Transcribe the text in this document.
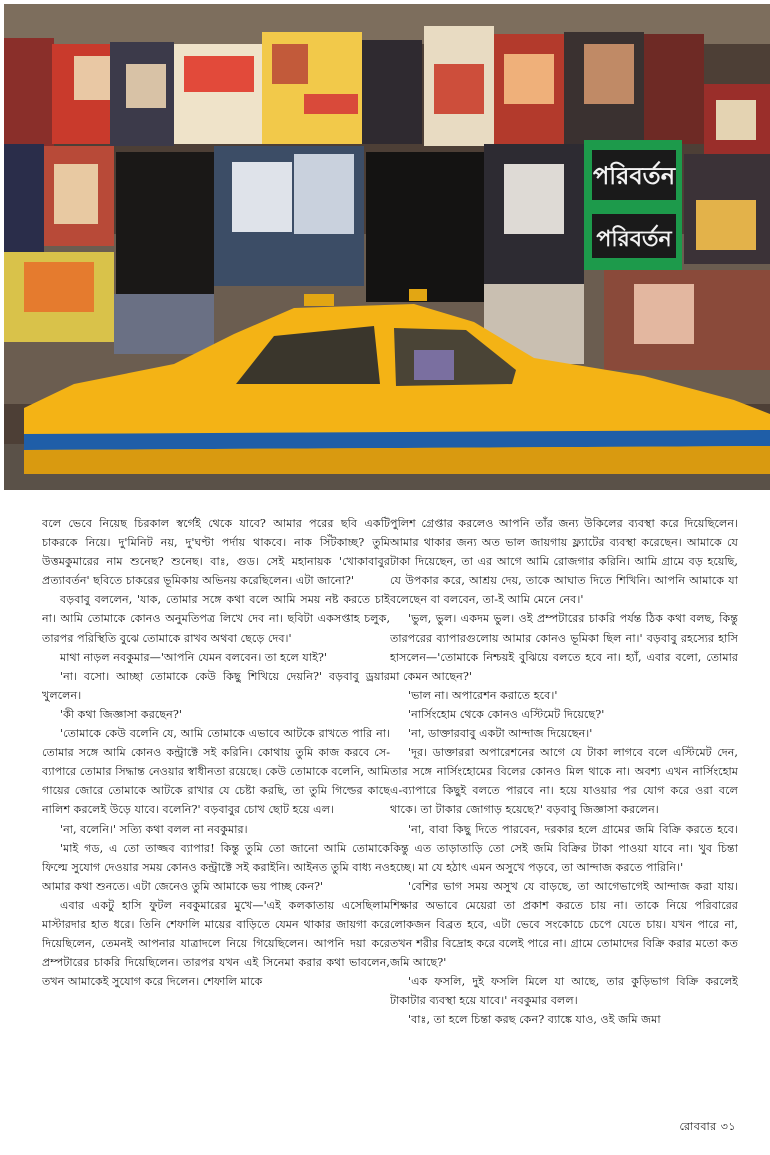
পরিবর্তন
পরিবর্তন

বলে ভেবে নিয়েছ চিরকাল স্বর্গেই থেকে যাবে? আমার পরের ছবি একটি চাকরকে নিয়ে। দু'মিনিট নয়, দু'ঘণ্টা পর্দায় থাকবে। নাক সিঁটকাচ্ছ? তুমি উত্তমকুমারের নাম শুনেছ? শুনেছ। বাঃ, গুড। সেই মহানায়ক 'খোকাবাবুর প্রত্যাবর্তন' ছবিতে চাকরের ভূমিকায় অভিনয় করেছিলেন। এটা জানো?'

বড়বাবু বললেন, 'যাক, তোমার সঙ্গে কথা বলে আমি সময় নষ্ট করতে চাই না। আমি তোমাকে কোনও অনুমতিপত্র লিখে দেব না। ছবিটা একসপ্তাহ চলুক, তারপর পরিস্থিতি বুঝে তোমাকে রাখব অথবা ছেড়ে দেব।'

মাথা নাড়ল নবকুমার—'আপনি যেমন বলবেন। তা হলে যাই?'

'না। বসো। আচ্ছা তোমাকে কেউ কিছু শিখিয়ে দেয়নি?' বড়বাবু ড্রয়ার খুললেন।

'কী কথা জিজ্ঞাসা করছেন?'

'তোমাকে কেউ বলেনি যে, আমি তোমাকে এভাবে আটকে রাখতে পারি না। তোমার সঙ্গে আমি কোনও কন্ট্রাক্টে সই করিনি। কোথায় তুমি কাজ করবে সে-ব্যাপারে তোমার সিদ্ধান্ত নেওয়ার স্বাধীনতা রয়েছে। কেউ তোমাকে বলেনি, আমি গায়ের জোরে তোমাকে আটকে রাখার যে চেষ্টা করছি, তা তুমি গিল্ডের কাছে নালিশ করলেই উড়ে যাবে। বলেনি?' বড়বাবুর চোখ ছোট হয়ে এল।

'না, বলেনি।' সত্যি কথা বলল না নবকুমার।

'মাই গড, এ তো তাজ্জব ব্যাপার! কিন্তু তুমি তো জানো আমি তোমাকে ফিল্মে সুযোগ দেওয়ার সময় কোনও কন্ট্রাক্টে সই করাইনি। আইনত তুমি বাধ্য নও আমার কথা শুনতে। এটা জেনেও তুমি আমাকে ভয় পাচ্ছ কেন?'

এবার একটু হাসি ফুটল নবকুমারের মুখে—'এই কলকাতায় এসেছিলাম মাস্টারদার হাত ধরে। তিনি শেফালি মায়ের বাড়িতে যেমন থাকার জায়গা করে দিয়েছিলেন, তেমনই আপনার যাত্রাদলে নিয়ে গিয়েছিলেন। আপনি দয়া করে প্রম্পটারের চাকরি দিয়েছিলেন। তারপর যখন এই সিনেমা করার কথা ভাবলেন, তখন আমাকেই সুযোগ করে দিলেন। শেফালি মাকে

পুলিশ গ্রেপ্তার করলেও আপনি তাঁর জন্য উকিলের ব্যবস্থা করে দিয়েছিলেন। আমার থাকার জন্য অত ভাল জায়গায় ফ্ল্যাটের ব্যবস্থা করেছেন। আমাকে যে টাকা দিয়েছেন, তা এর আগে আমি রোজগার করিনি। আমি গ্রামে বড় হয়েছি, যে উপকার করে, আশ্রয় দেয়, তাকে আঘাত দিতে শিখিনি। আপনি আমাকে যা বলেছেন বা বলবেন, তা-ই আমি মেনে নেব।'

'ভুল, ভুল। একদম ভুল। ওই প্রম্পটারের চাকরি পর্যন্ত ঠিক কথা বলছ, কিন্তু তারপরের ব্যাপারগুলোয় আমার কোনও ভূমিকা ছিল না।' বড়বাবু রহস্যের হাসি হাসলেন—'তোমাকে নিশ্চয়ই বুঝিয়ে বলতে হবে না। হ্যাঁ, এবার বলো, তোমার মা কেমন আছেন?'

'ভাল না। অপারেশন করাতে হবে।'

'নার্সিংহোম থেকে কোনও এস্টিমেট দিয়েছে?'

'না, ডাক্তারবাবু একটা আন্দাজ দিয়েছেন।'

'দূর। ডাক্তাররা অপারেশনের আগে যে টাকা লাগবে বলে এস্টিমেট দেন, তার সঙ্গে নার্সিংহোমের বিলের কোনও মিল থাকে না। অবশ্য এখন নার্সিংহোম এ-ব্যাপারে কিছুই বলতে পারবে না। হয়ে যাওয়ার পর যোগ করে ওরা বলে থাকে। তা টাকার জোগাড় হয়েছে?' বড়বাবু জিজ্ঞাসা করলেন।

'না, বাবা কিছু দিতে পারবেন, দরকার হলে গ্রামের জমি বিক্রি করতে হবে। কিন্তু এত তাড়াতাড়ি তো সেই জমি বিক্রির টাকা পাওয়া যাবে না। খুব চিন্তা হচ্ছে। মা যে হঠাৎ এমন অসুখে পড়বে, তা আন্দাজ করতে পারিনি।'

'বেশির ভাগ সময় অসুখ যে বাড়ছে, তা আগেভাগেই আন্দাজ করা যায়। শিক্ষার অভাবে মেয়েরা তা প্রকাশ করতে চায় না। তাকে নিয়ে পরিবারের লোকজন বিব্রত হবে, এটা ভেবে সংকোচে চেপে যেতে চায়। যখন পারে না, তখন শরীর বিদ্রোহ করে বলেই পারে না। গ্রামে তোমাদের বিক্রি করার মতো কত জমি আছে?'

'এক ফসলি, দুই ফসলি মিলে যা আছে, তার কুড়িভাগ বিক্রি করলেই টাকাটার ব্যবস্থা হয়ে যাবে।' নবকুমার বলল।

'বাঃ, তা হলে চিন্তা করছ কেন? ব্যাঙ্কে যাও, ওই জমি জমা

রোববার ৩১
